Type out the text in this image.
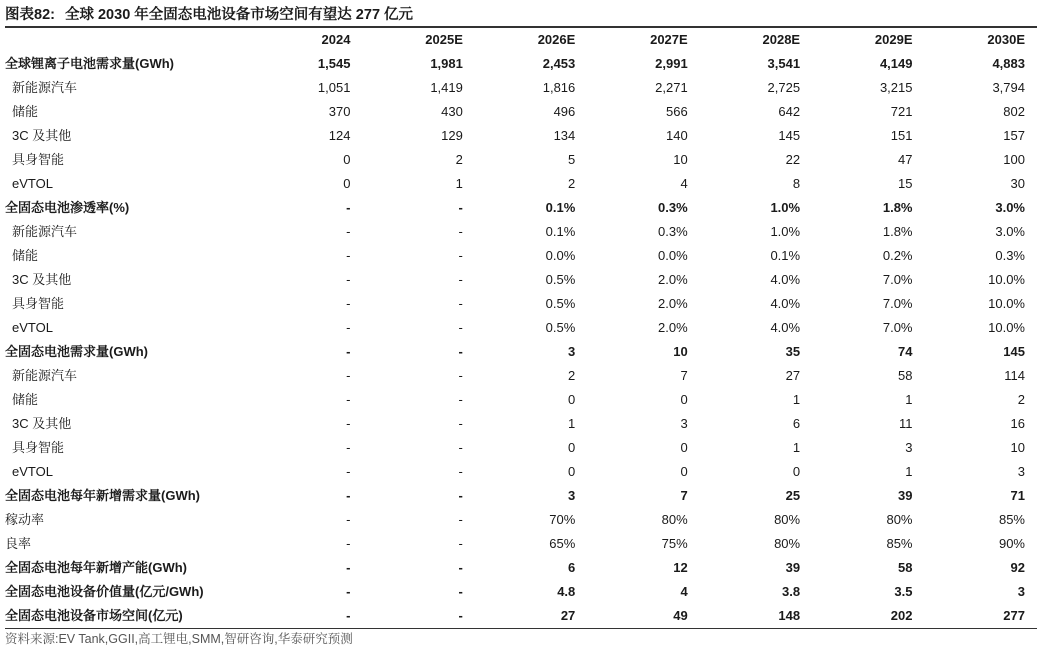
图表82: 全球 2030 年全固态电池设备市场空间有望达 277 亿元
	2024	2025E	2026E	2027E	2028E	2029E	2030E
全球锂离子电池需求量(GWh)	1,545	1,981	2,453	2,991	3,541	4,149	4,883
新能源汽车	1,051	1,419	1,816	2,271	2,725	3,215	3,794
储能	370	430	496	566	642	721	802
3C 及其他	124	129	134	140	145	151	157
具身智能	0	2	5	10	22	47	100
eVTOL	0	1	2	4	8	15	30
全固态电池渗透率(%)	-	-	0.1%	0.3%	1.0%	1.8%	3.0%
新能源汽车	-	-	0.1%	0.3%	1.0%	1.8%	3.0%
储能	-	-	0.0%	0.0%	0.1%	0.2%	0.3%
3C 及其他	-	-	0.5%	2.0%	4.0%	7.0%	10.0%
具身智能	-	-	0.5%	2.0%	4.0%	7.0%	10.0%
eVTOL	-	-	0.5%	2.0%	4.0%	7.0%	10.0%
全固态电池需求量(GWh)	-	-	3	10	35	74	145
新能源汽车	-	-	2	7	27	58	114
储能	-	-	0	0	1	1	2
3C 及其他	-	-	1	3	6	11	16
具身智能	-	-	0	0	1	3	10
eVTOL	-	-	0	0	0	1	3
全固态电池每年新增需求量(GWh)	-	-	3	7	25	39	71
稼动率	-	-	70%	80%	80%	80%	85%
良率	-	-	65%	75%	80%	85%	90%
全固态电池每年新增产能(GWh)	-	-	6	12	39	58	92
全固态电池设备价值量(亿元/GWh)	-	-	4.8	4	3.8	3.5	3
全固态电池设备市场空间(亿元)	-	-	27	49	148	202	277
资料来源:EV Tank,GGII,高工锂电,SMM,智研咨询,华泰研究预测
